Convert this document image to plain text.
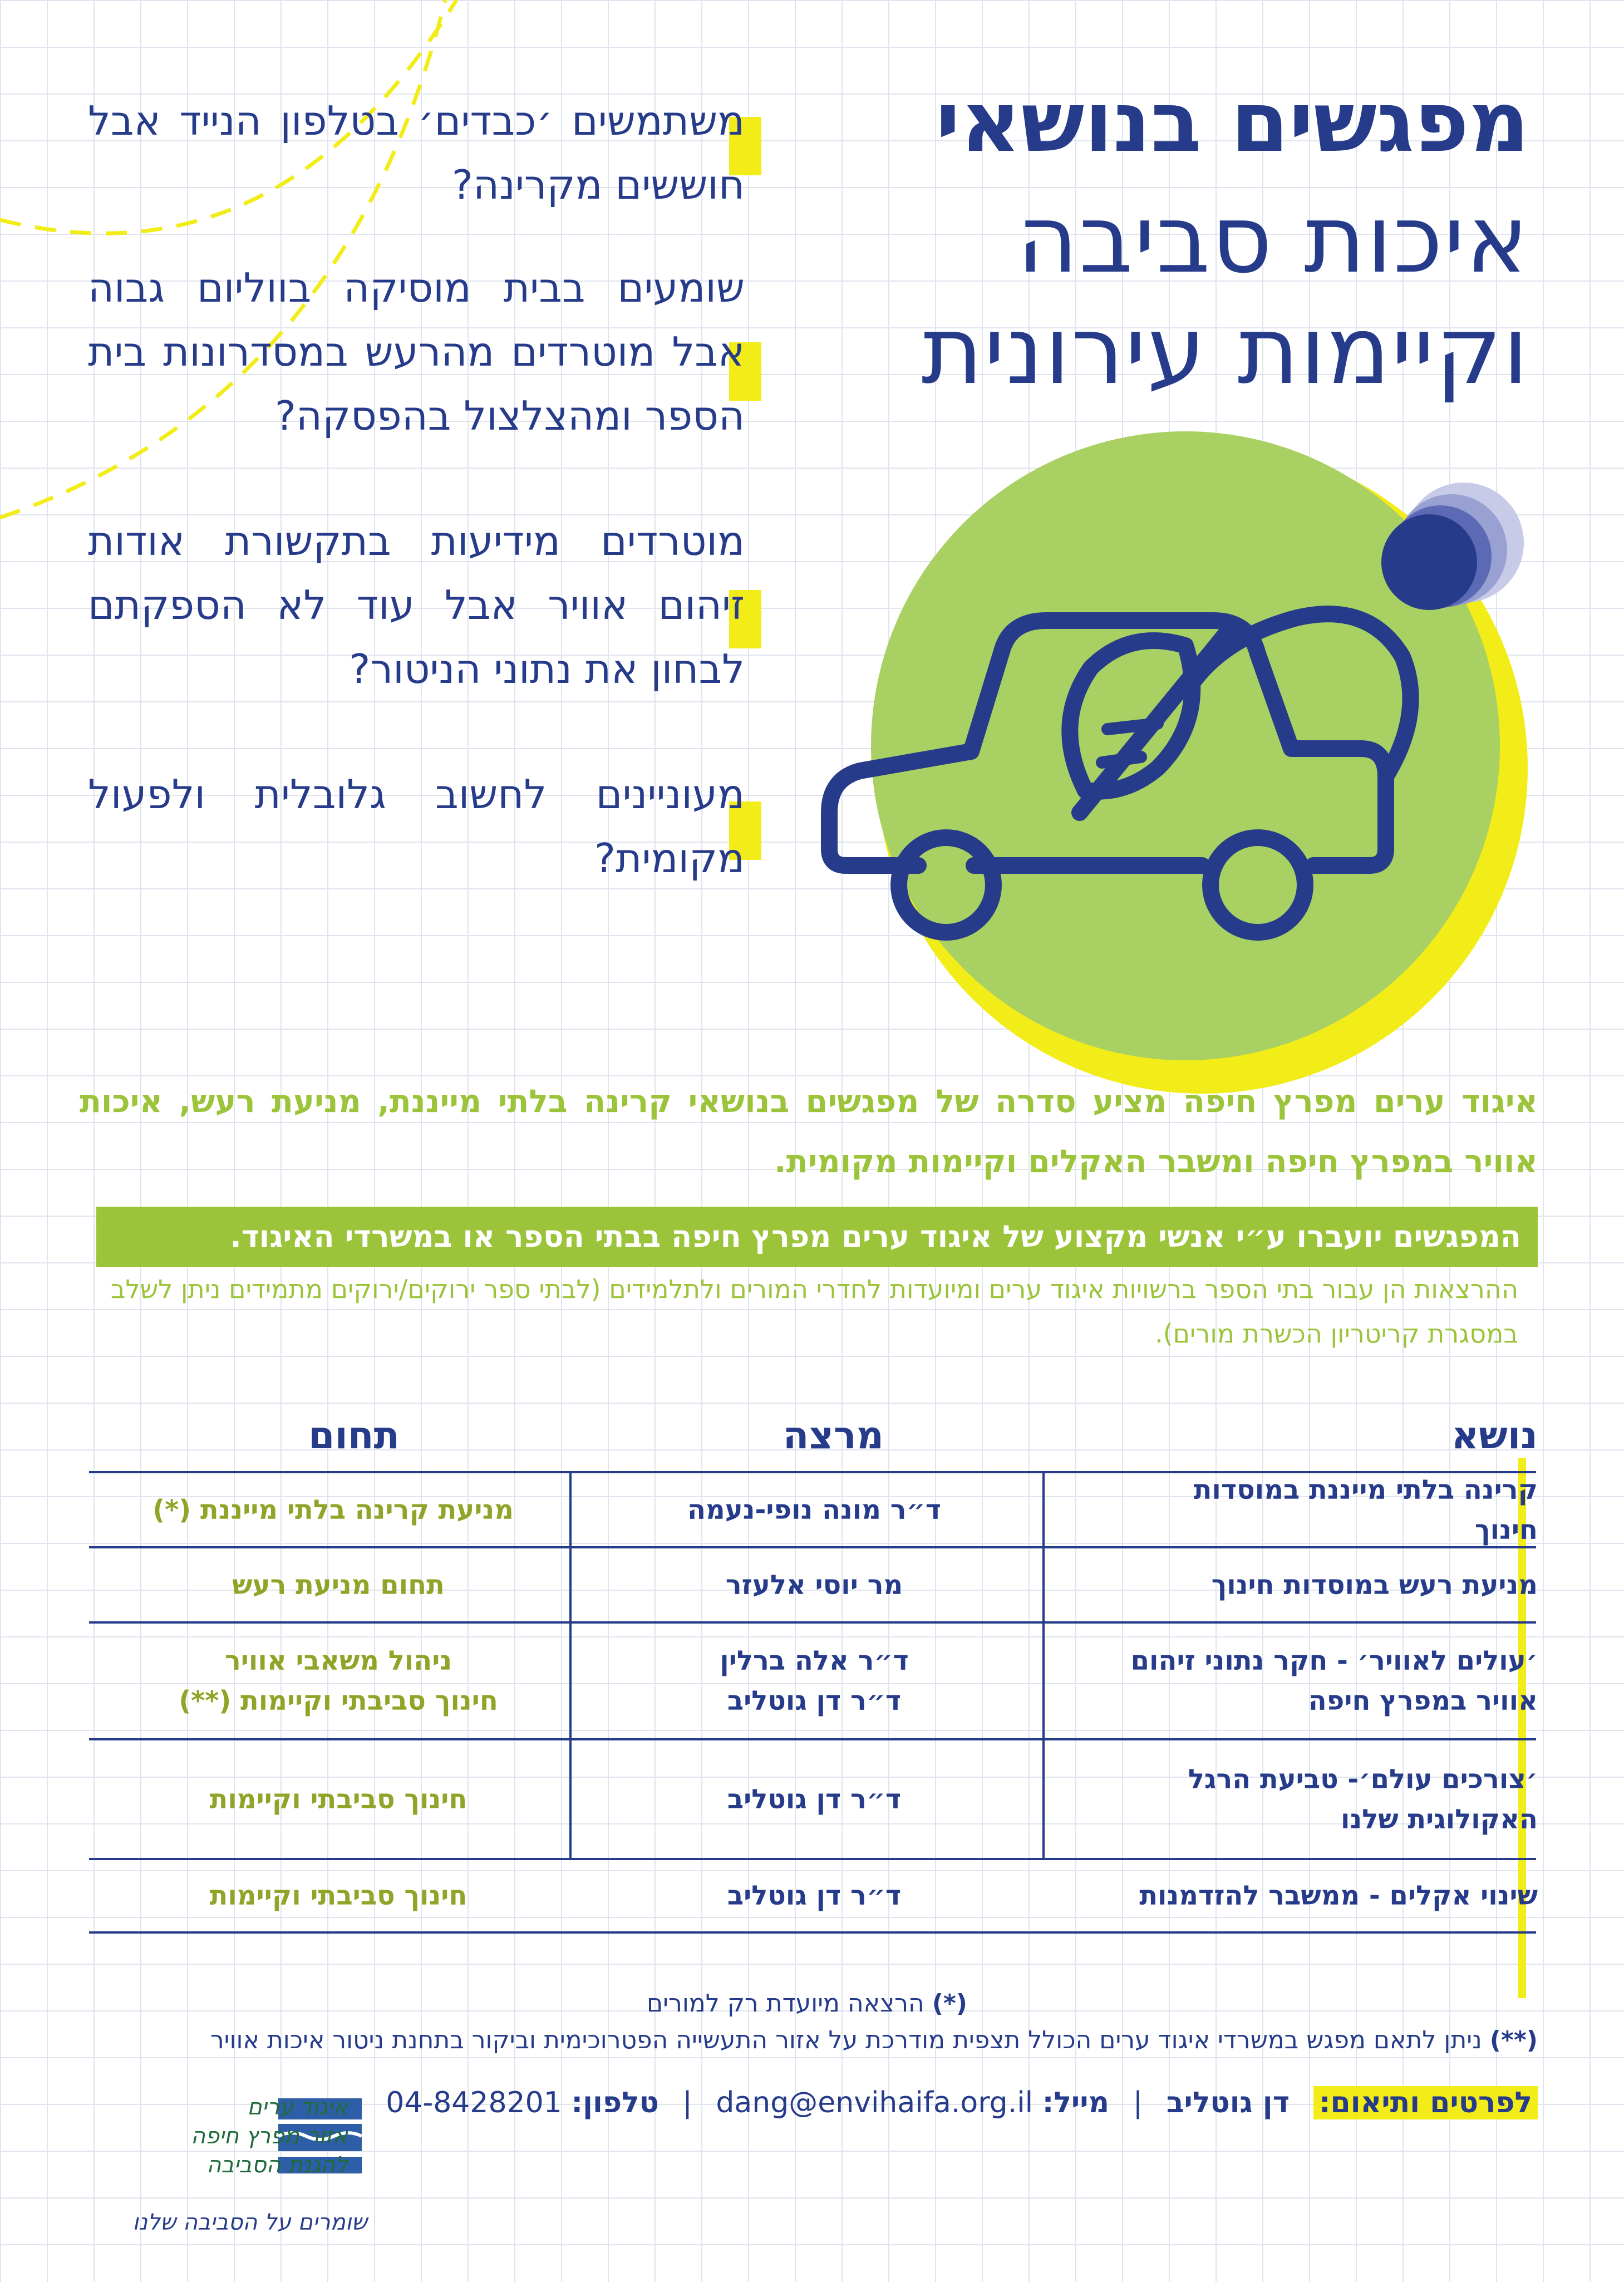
מפגשים בנושאי
איכות סביבה
וקיימות עירונית
משתמשים ׳כבדים׳ בטלפון הנייד אבל חוששים מקרינה?
שומעים בבית מוסיקה בווליום גבוה אבל מוטרדים מהרעש במסדרונות בית הספר ומהצלצול בהפסקה?
מוטרדים מידיעות בתקשורת אודות זיהום אוויר אבל עוד לא הספקתם לבחון את נתוני הניטור?
מעוניינים לחשוב גלובלית ולפעול מקומית?
איגוד ערים מפרץ חיפה מציע סדרה של מפגשים בנושאי קרינה בלתי מייננת, מניעת רעש, איכות אוויר במפרץ חיפה ומשבר האקלים וקיימות מקומית.
המפגשים יועברו ע״י אנשי מקצוע של איגוד ערים מפרץ חיפה בבתי הספר או במשרדי האיגוד.
ההרצאות הן עבור בתי הספר ברשויות איגוד ערים ומיועדות לחדרי המורים ולתלמידים (לבתי ספר ירוקים/ירוקים מתמידים ניתן לשלב במסגרת קריטריון הכשרת מורים).
נושא
מרצה
תחום
קרינה בלתי מייננת במוסדות חינוך
ד״ר מונה נופי-נעמה
מניעת קרינה בלתי מייננת (*)
מניעת רעש במוסדות חינוך
מר יוסי אלעזר
תחום מניעת רעש
׳עולים לאוויר׳ - חקר נתוני זיהום
אוויר במפרץ חיפה
ד״ר אלה ברלין
ד״ר דן גוטליב
ניהול משאבי אוויר
חינוך סביבתי וקיימות (**)
׳צורכים עולם׳- טביעת הרגל
האקולוגית שלנו
ד״ר דן גוטליב
חינוך סביבתי וקיימות
שינוי אקלים - ממשבר להזדמנות
ד״ר דן גוטליב
חינוך סביבתי וקיימות
(*) הרצאה מיועדת רק למורים
(**) ניתן לתאם מפגש במשרדי איגוד ערים הכולל תצפית מודרכת על אזור התעשייה הפטרוכימית וביקור בתחנת ניטור איכות אוויר
לפרטים ותיאום: דן גוטליב | מייל: dang@envihaifa.org.il | טלפון: 04-8428201
איגוד ערים
אזור מפרץ חיפה
להגנת הסביבה
שומרים על הסביבה שלנו
